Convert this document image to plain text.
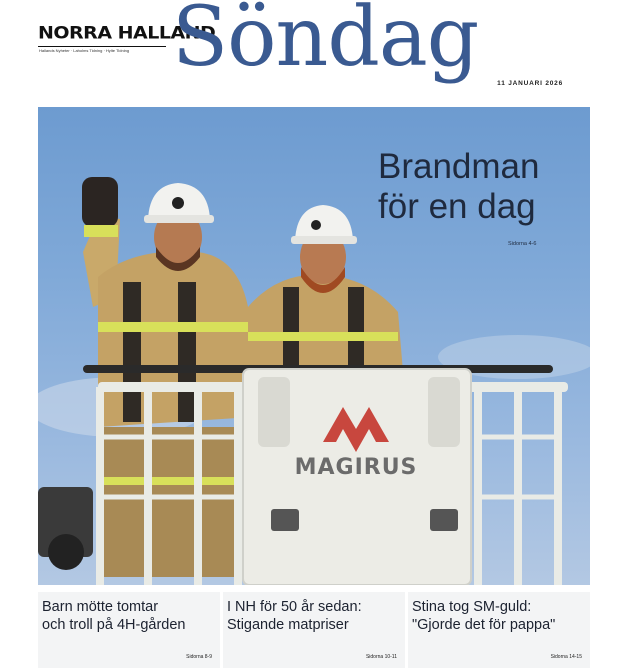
NORRA HALLAND
Hallands Nyheter · Laholms Tidning · Hylte Tidning Söndag	11 JANUARI 2026
MAGIRUS
Brandman
för en dag
Sidorna 4-6
Barn mötte tomtar
och troll på 4H-gården
Sidorna 8-9
I NH för 50 år sedan:
Stigande matpriser
Sidorna 10-11
Stina tog SM-guld:
"Gjorde det för pappa"
Sidorna 14-15
